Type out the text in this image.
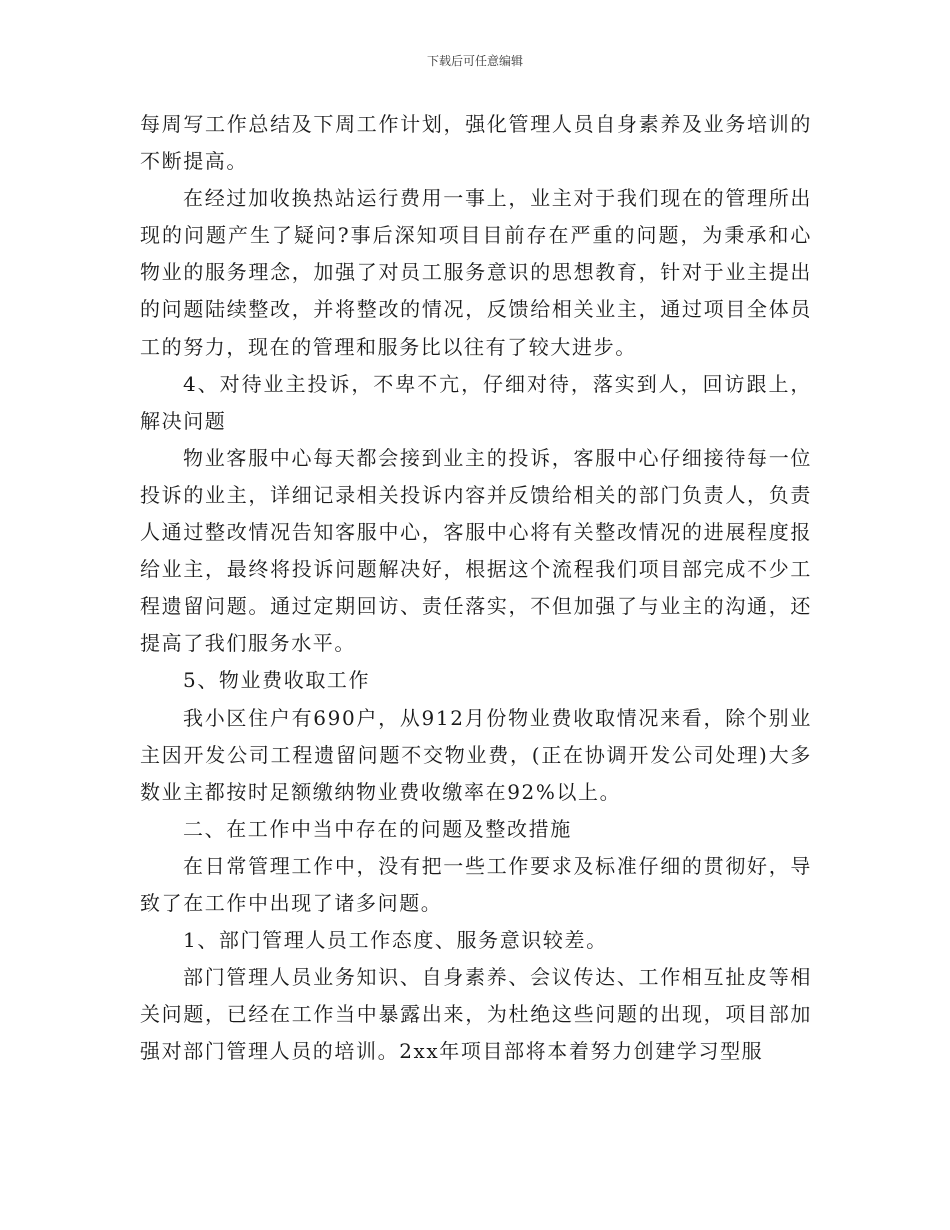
下载后可任意编辑

每周写工作总结及下周工作计划，强化管理人员自身素养及业务培训的不断提高。

在经过加收换热站运行费用一事上，业主对于我们现在的管理所出现的问题产生了疑问?事后深知项目目前存在严重的问题，为秉承和心物业的服务理念，加强了对员工服务意识的思想教育，针对于业主提出的问题陆续整改，并将整改的情况，反馈给相关业主，通过项目全体员工的努力，现在的管理和服务比以往有了较大进步。

4、对待业主投诉，不卑不亢，仔细对待，落实到人，回访跟上，解决问题

物业客服中心每天都会接到业主的投诉，客服中心仔细接待每一位投诉的业主，详细记录相关投诉内容并反馈给相关的部门负责人，负责人通过整改情况告知客服中心，客服中心将有关整改情况的进展程度报给业主，最终将投诉问题解决好，根据这个流程我们项目部完成不少工程遗留问题。通过定期回访、责任落实，不但加强了与业主的沟通，还提高了我们服务水平。

5、物业费收取工作

我小区住户有690户，从912月份物业费收取情况来看，除个别业主因开发公司工程遗留问题不交物业费，(正在协调开发公司处理)大多数业主都按时足额缴纳物业费收缴率在92%以上。

二、在工作中当中存在的问题及整改措施

在日常管理工作中，没有把一些工作要求及标准仔细的贯彻好，导致了在工作中出现了诸多问题。

1、部门管理人员工作态度、服务意识较差。

部门管理人员业务知识、自身素养、会议传达、工作相互扯皮等相关问题，已经在工作当中暴露出来，为杜绝这些问题的出现，项目部加强对部门管理人员的培训。2xx年项目部将本着努力创建学习型服
